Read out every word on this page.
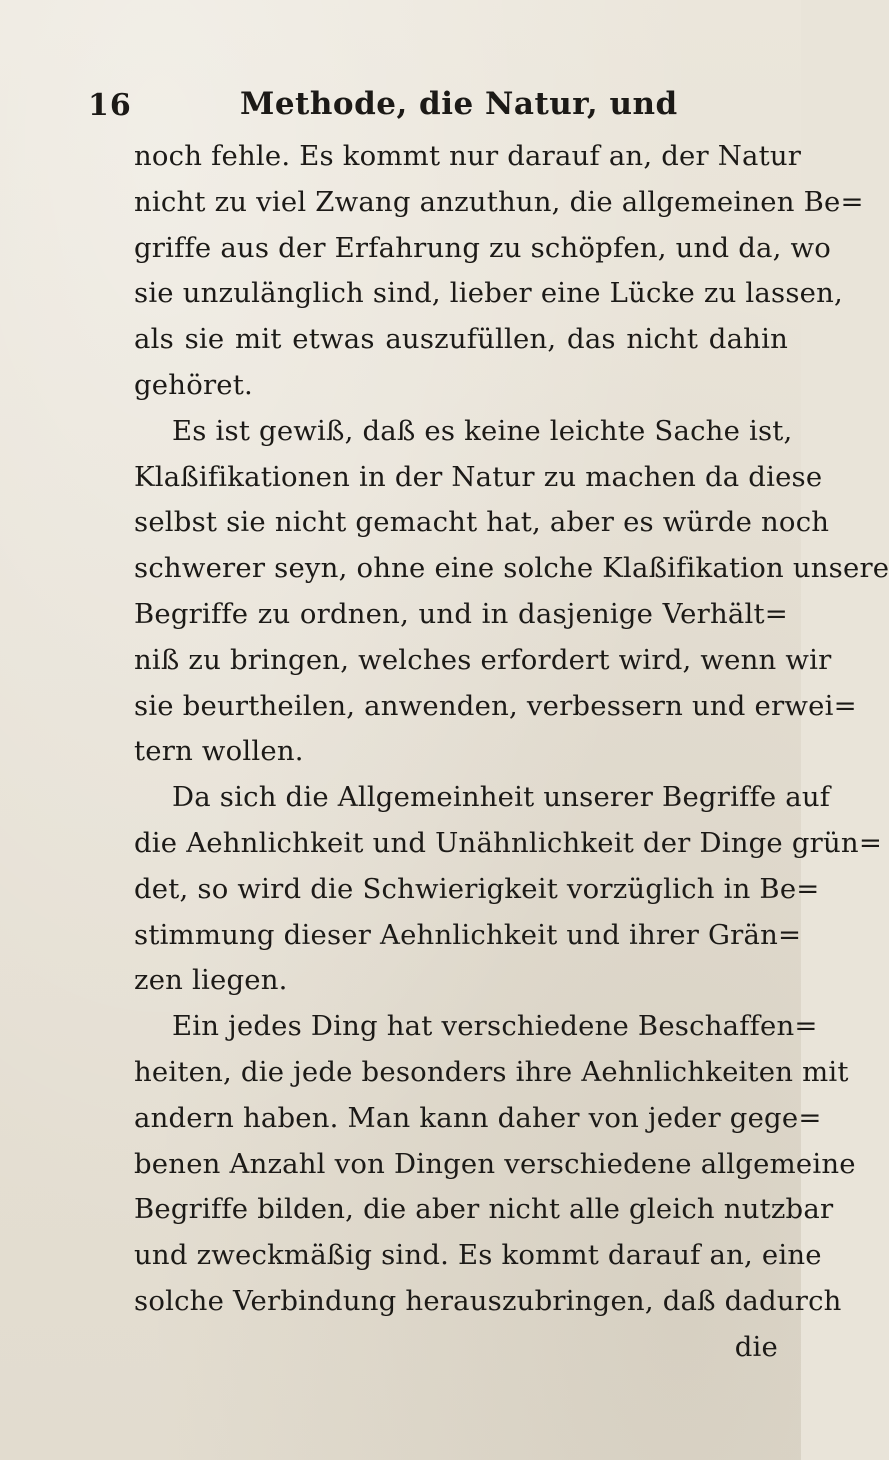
16	Methode, die Natur, und
noch fehle. Es kommt nur darauf an, der Natur
nicht zu viel Zwang anzuthun, die allgemeinen Be=
griffe aus der Erfahrung zu schöpfen, und da, wo
sie unzulänglich sind, lieber eine Lücke zu lassen,
als sie mit etwas auszufüllen, das nicht dahin
gehöret.
Es ist gewiß, daß es keine leichte Sache ist,
Klaßifikationen in der Natur zu machen da diese
selbst sie nicht gemacht hat, aber es würde noch
schwerer seyn, ohne eine solche Klaßifikation unsere
Begriffe zu ordnen, und in dasjenige Verhält=
niß zu bringen, welches erfordert wird, wenn wir
sie beurtheilen, anwenden, verbessern und erwei=
tern wollen.
Da sich die Allgemeinheit unserer Begriffe auf
die Aehnlichkeit und Unähnlichkeit der Dinge grün=
det, so wird die Schwierigkeit vorzüglich in Be=
stimmung dieser Aehnlichkeit und ihrer Grän=
zen liegen.
Ein jedes Ding hat verschiedene Beschaffen=
heiten, die jede besonders ihre Aehnlichkeiten mit
andern haben. Man kann daher von jeder gege=
benen Anzahl von Dingen verschiedene allgemeine
Begriffe bilden, die aber nicht alle gleich nutzbar
und zweckmäßig sind. Es kommt darauf an, eine
solche Verbindung herauszubringen, daß dadurch
die
